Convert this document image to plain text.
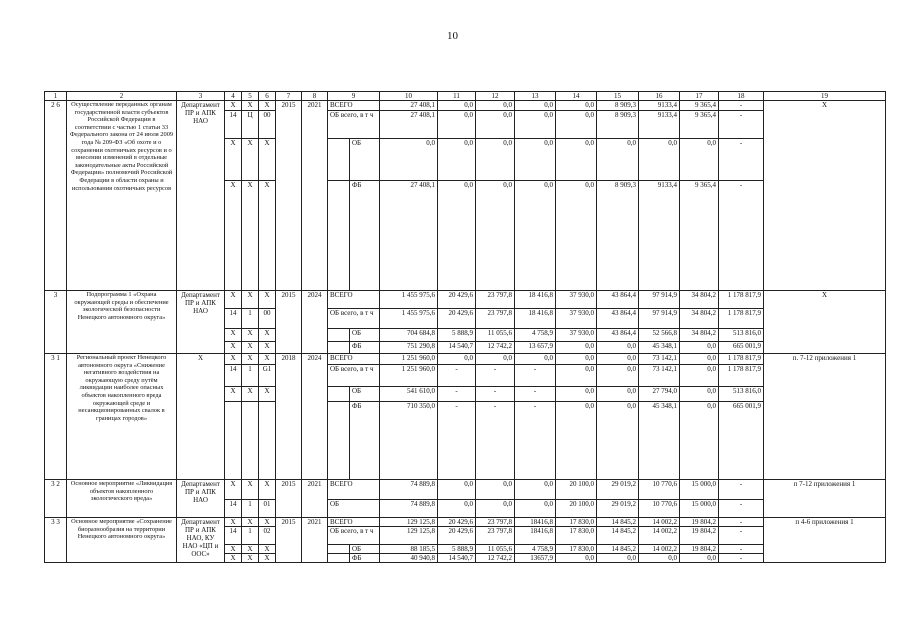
10
1	2	3	4	5	6	7	8	9		10	11	12	13	14	15	16	17	18	19
2 6	Осуществление переданных органам государственной власти субъектов Российской Федерации в соответствии с частью 1 статьи 33 Федерального закона от 24 июля 2009 года № 209-ФЗ «Об охоте и о сохранении охотничьих ресурсов и о внесении изменений в отдельные законодательные акты Российской Федерации» полномочий Российской Федерации в области охраны и использования охотничьих ресурсов	Департамент ПР и АПК НАО	Х	Х	Х	2015	2021	ВСЕГО		27 408,1	0,0	0,0	0,0	0,0	8 909,3	9133,4	9 365,4	-	Х
			14	Ц	00			ОБ всего, в т ч		27 408,1	0,0	0,0	0,0	0,0	8 909,3	9133,4	9 365,4	-	
			Х	Х	Х				ОБ	0,0	0,0	0,0	0,0	0,0	0,0	0,0	0,0	-	
			Х	Х	Х				ФБ	27 408,1	0,0	0,0	0,0	0,0	8 909,3	9133,4	9 365,4	-	
3	Подпрограмма 1 «Охрана окружающей среды и обеспечение экологической безопасности Ненецкого автономного округа»	Департамент ПР и АПК НАО	Х	Х	Х	2015	2024	ВСЕГО		1 455 975,6	20 429,6	23 797,8	18 416,8	37 930,0	43 864,4	97 914,9	34 804,2	1 178 817,9	Х
			14	1	00			ОБ всего, в т ч		1 455 975,6	20 429,6	23 797,8	18 416,8	37 930,0	43 864,4	97 914,9	34 804,2	1 178 817,9	
			Х	Х	Х				ОБ	704 684,8	5 888,9	11 055,6	4 758,9	37 930,0	43 864,4	52 566,8	34 804,2	513 816,0	
			Х	Х	Х				ФБ	751 290,8	14 540,7	12 742,2	13 657,9	0,0	0,0	45 348,1	0,0	665 001,9	
3 1	Региональный проект Ненецкого автономного округа «Снижение негативного воздействия на окружающую среду путём ликвидации наиболее опасных объектов накопленного вреда окружающей среде и несанкционированных свалок в границах городов»	Х	Х	Х	Х	2018	2024	ВСЕГО		1 251 960,0	0,0	0,0	0,0	0,0	0,0	73 142,1	0,0	1 178 817,9	п. 7-12 приложения 1
			14	1	G1			ОБ всего, в т ч		1 251 960,0	-	-	-	0,0	0,0	73 142,1	0,0	1 178 817,9	
			Х	Х	Х				ОБ	541 610,0	-	-	-	0,0	0,0	27 794,0	0,0	513 816,0	
									ФБ	710 350,0	-	-	-	0,0	0,0	45 348,1	0,0	665 001,9	
3 2	Основное мероприятие «Ликвидация объектов накопленного экологического вреда»	Департамент ПР и АПК НАО	Х	Х	Х	2015	2021	ВСЕГО		74 889,8	0,0	0,0	0,0	20 100,0	29 019,2	10 770,6	15 000,0	-	п 7-12 приложения 1
			14	1	01			ОБ		74 889,8	0,0	0,0	0,0	20 100,0	29 019,2	10 770,6	15 000,0	-	
3 3	Основное мероприятие «Сохранение биоразнообразия на территории Ненецкого автономного округа»	Департамент ПР и АПК НАО, КУ НАО «ЦП и ООС»	Х	Х	Х	2015	2021	ВСЕГО		129 125,8	20 429,6	23 797,8	18416,8	17 830,0	14 845,2	14 002,2	19 804,2	-	п 4-6 приложения 1
			14	1	02			ОБ всего, в т ч		129 125,8	20 429,6	23 797,8	18416,8	17 830,0	14 845,2	14 002,2	19 804,2	-	
			Х	Х	Х				ОБ	88 185,5	5 888,9	11 055,6	4 758,9	17 830,0	14 845,2	14 002,2	19 804,2	-	
			Х	Х	Х				ФБ	40 940,8	14 540,7	12 742,2	13657,9	0,0	0,0	0,0	0,0	-	
